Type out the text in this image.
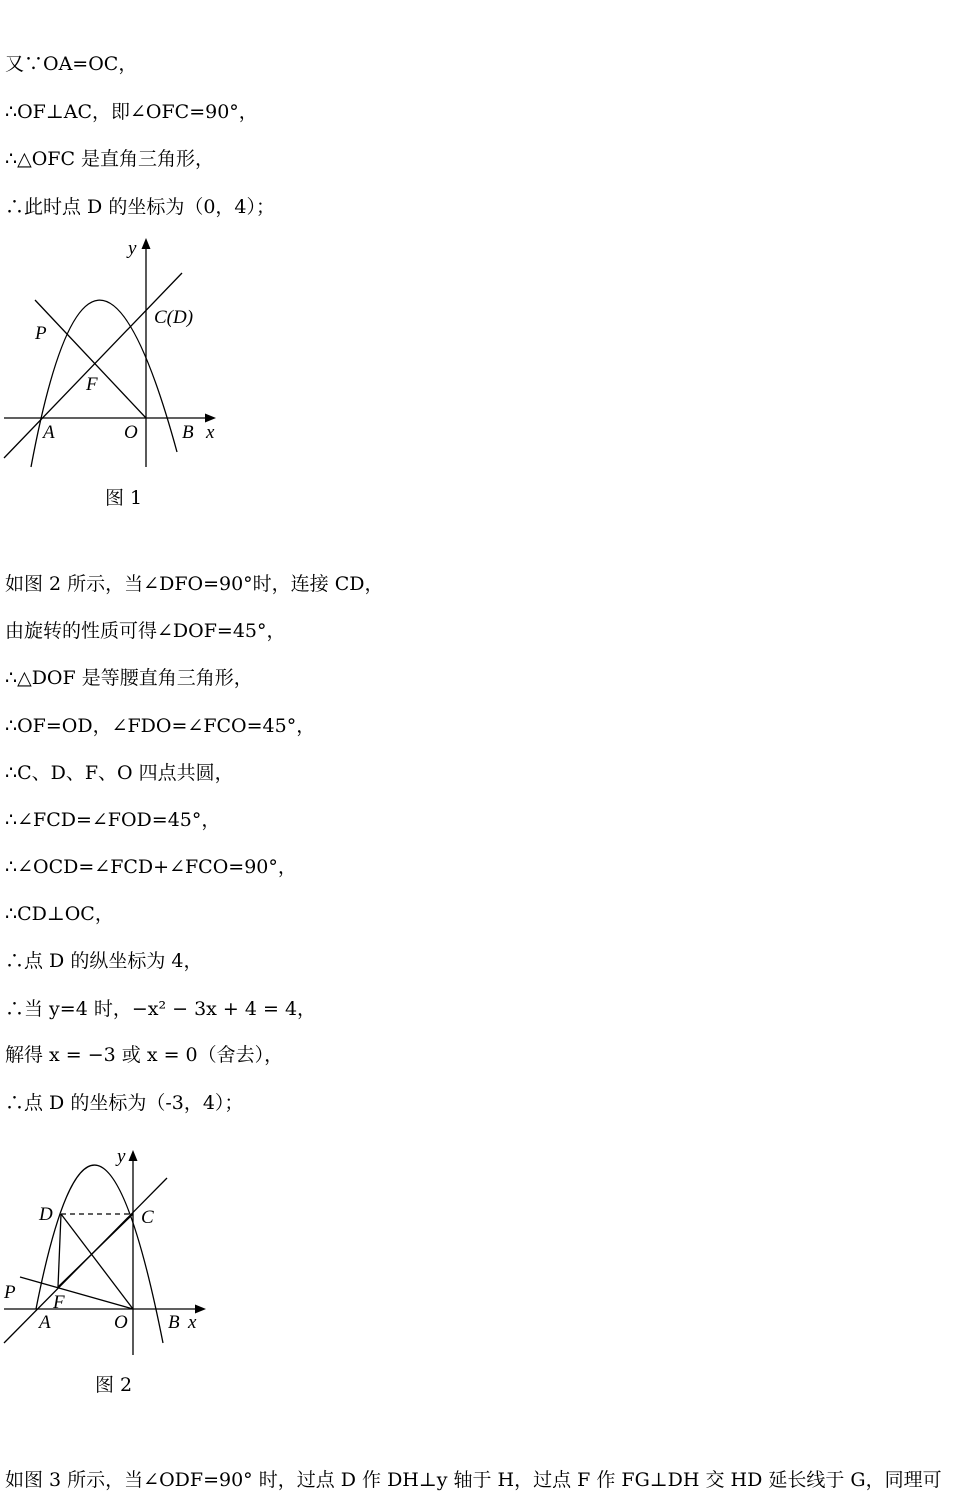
又∵OA=OC，
∴OF⊥AC，即∠OFC=90°，
∴△OFC 是直角三角形，
∴此时点 D 的坐标为（0，4）；
y
C(D)
P
F
A	O B x
图 1
如图 2 所示，当∠DFO=90°时，连接 CD，
由旋转的性质可得∠DOF=45°，
∴△DOF 是等腰直角三角形，
∴OF=OD，∠FDO=∠FCO=45°，
∴C、D、F、O 四点共圆，
∴∠FCD=∠FOD=45°，
∴∠OCD=∠FCD+∠FCO=90°，
∴CD⊥OC，
∴点 D 的纵坐标为 4，
∴当 y=4 时，−x² − 3x + 4 = 4，
解得 x = −3 或 x = 0（舍去），
∴点 D 的坐标为（-3，4）；
y
D	C
P F
A	O B x
图 2
如图 3 所示，当∠ODF=90° 时，过点 D 作 DH⊥y 轴于 H，过点 F 作 FG⊥DH 交 HD 延长线于 G，同理可
